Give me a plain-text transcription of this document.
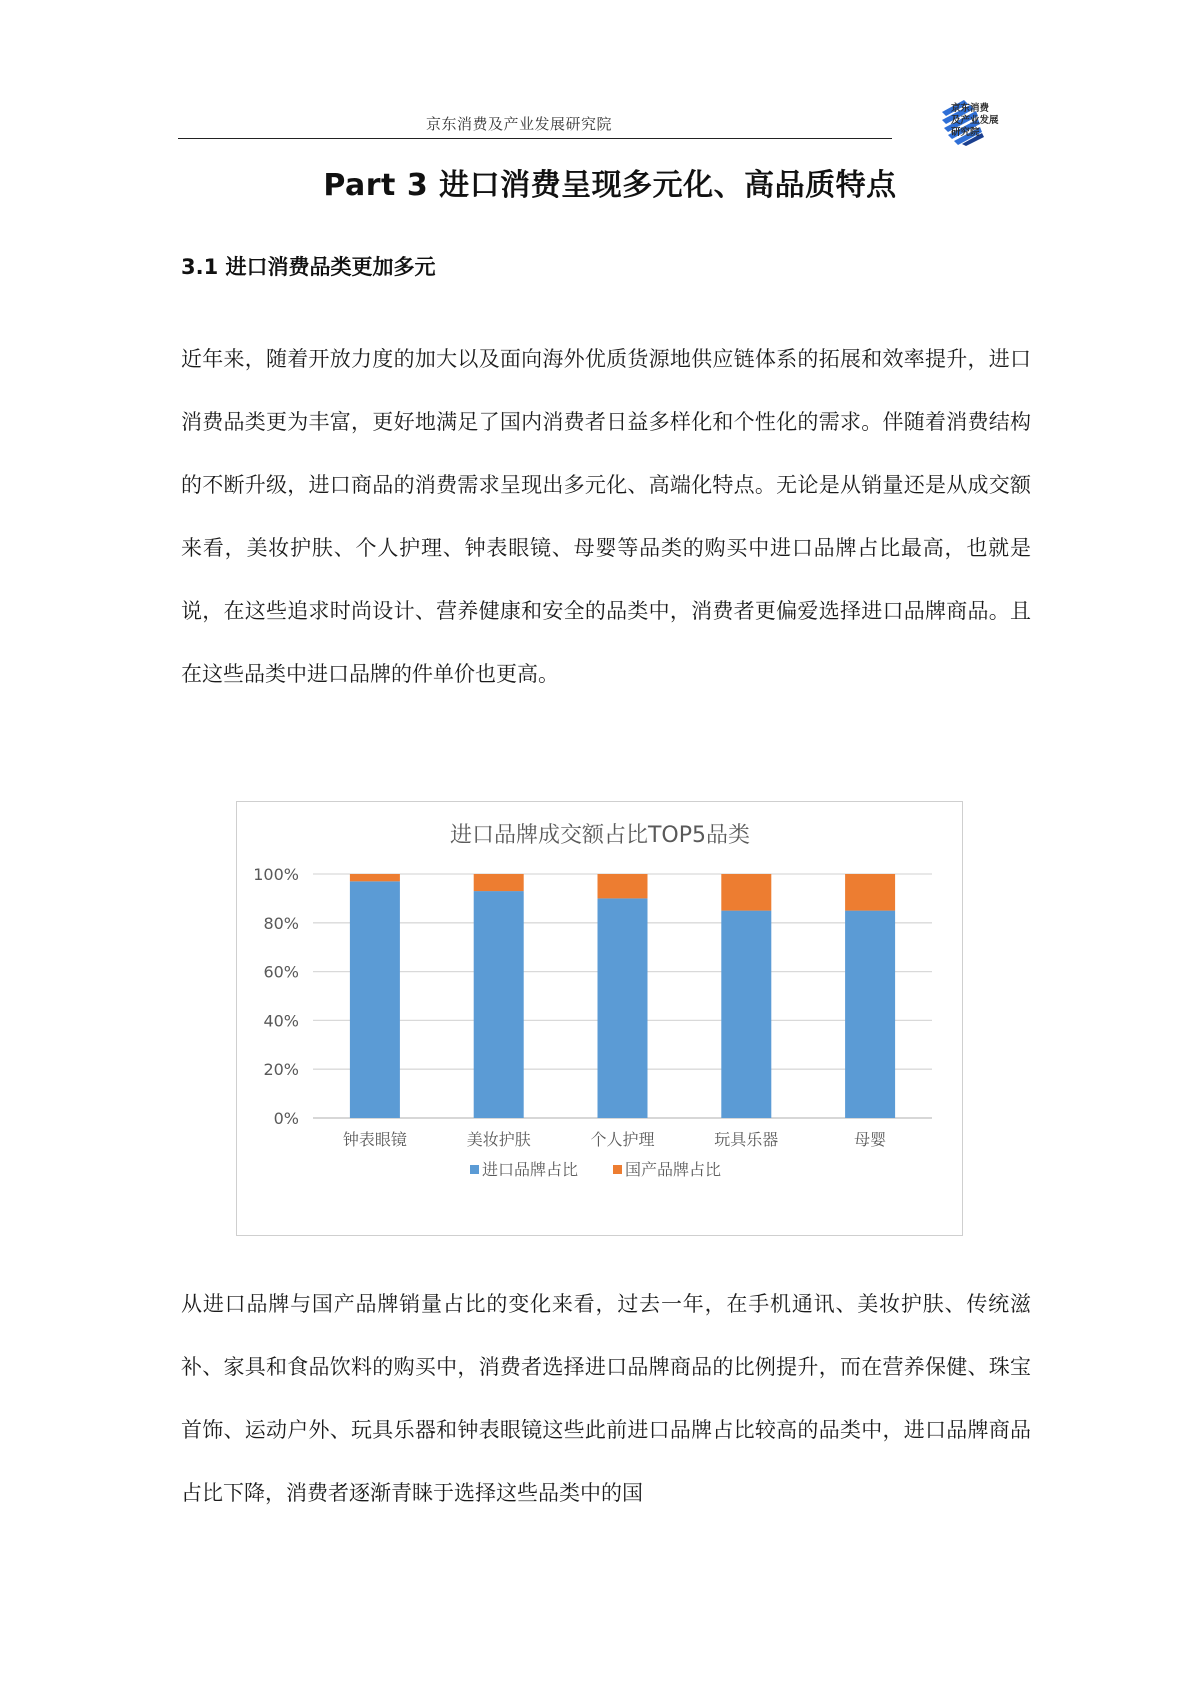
京东消费及产业发展研究院
京东消费
及产业发展
研究院
Part 3 进口消费呈现多元化、高品质特点
3.1 进口消费品类更加多元

近年来，随着开放力度的加大以及面向海外优质货源地供应链体系的拓展和效率提升，进口消费品类更为丰富，更好地满足了国内消费者日益多样化和个性化的需求。伴随着消费结构的不断升级，进口商品的消费需求呈现出多元化、高端化特点。无论是从销量还是从成交额来看，美妆护肤、个人护理、钟表眼镜、母婴等品类的购买中进口品牌占比最高，也就是说，在这些追求时尚设计、营养健康和安全的品类中，消费者更偏爱选择进口品牌商品。且在这些品类中进口品牌的件单价也更高。

进口品牌成交额占比TOP5品类
0%
20%
40%
60%
80%
100%
钟表眼镜	美妆护肤	个人护理	玩具乐器	母婴
进口品牌占比	国产品牌占比

从进口品牌与国产品牌销量占比的变化来看，过去一年，在手机通讯、美妆护肤、传统滋补、家具和食品饮料的购买中，消费者选择进口品牌商品的比例提升，而在营养保健、珠宝首饰、运动户外、玩具乐器和钟表眼镜这些此前进口品牌占比较高的品类中，进口品牌商品占比下降，消费者逐渐青睐于选择这些品类中的国
